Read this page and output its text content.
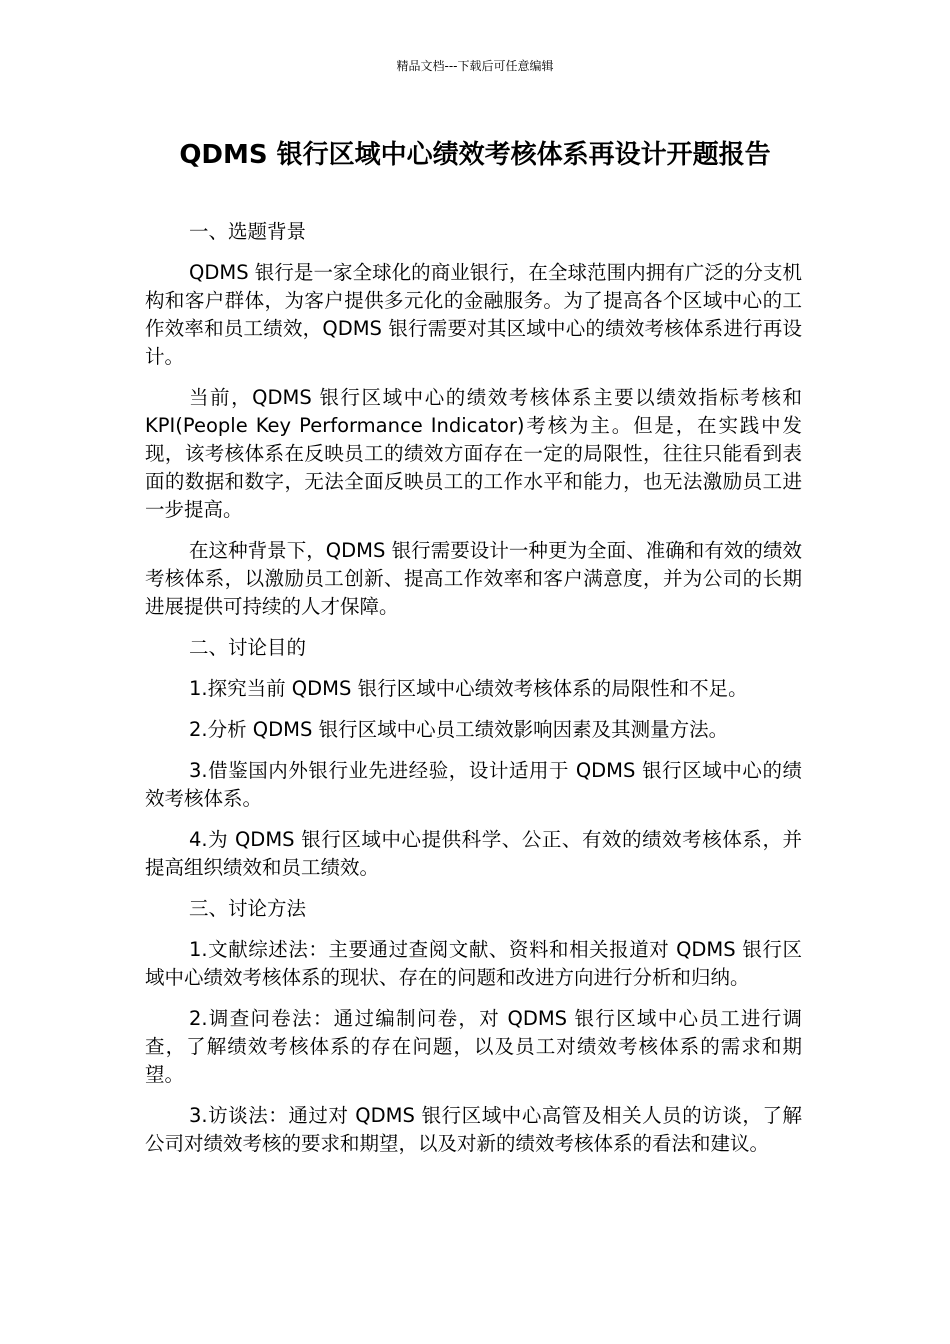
精品文档---下载后可任意编辑
QDMS 银行区域中心绩效考核体系再设计开题报告

一、选题背景

QDMS 银行是一家全球化的商业银行，在全球范围内拥有广泛的分支机构和客户群体，为客户提供多元化的金融服务。为了提高各个区域中心的工作效率和员工绩效，QDMS 银行需要对其区域中心的绩效考核体系进行再设计。

当前，QDMS 银行区域中心的绩效考核体系主要以绩效指标考核和 KPI(People Key Performance Indicator)考核为主。但是，在实践中发现，该考核体系在反映员工的绩效方面存在一定的局限性，往往只能看到表面的数据和数字，无法全面反映员工的工作水平和能力，也无法激励员工进一步提高。

在这种背景下，QDMS 银行需要设计一种更为全面、准确和有效的绩效考核体系，以激励员工创新、提高工作效率和客户满意度，并为公司的长期进展提供可持续的人才保障。

二、讨论目的

1.探究当前 QDMS 银行区域中心绩效考核体系的局限性和不足。

2.分析 QDMS 银行区域中心员工绩效影响因素及其测量方法。

3.借鉴国内外银行业先进经验，设计适用于 QDMS 银行区域中心的绩效考核体系。

4.为 QDMS 银行区域中心提供科学、公正、有效的绩效考核体系，并提高组织绩效和员工绩效。

三、讨论方法

1.文献综述法：主要通过查阅文献、资料和相关报道对 QDMS 银行区域中心绩效考核体系的现状、存在的问题和改进方向进行分析和归纳。

2.调查问卷法：通过编制问卷，对 QDMS 银行区域中心员工进行调查，了解绩效考核体系的存在问题，以及员工对绩效考核体系的需求和期望。

3.访谈法：通过对 QDMS 银行区域中心高管及相关人员的访谈，了解公司对绩效考核的要求和期望，以及对新的绩效考核体系的看法和建议。
